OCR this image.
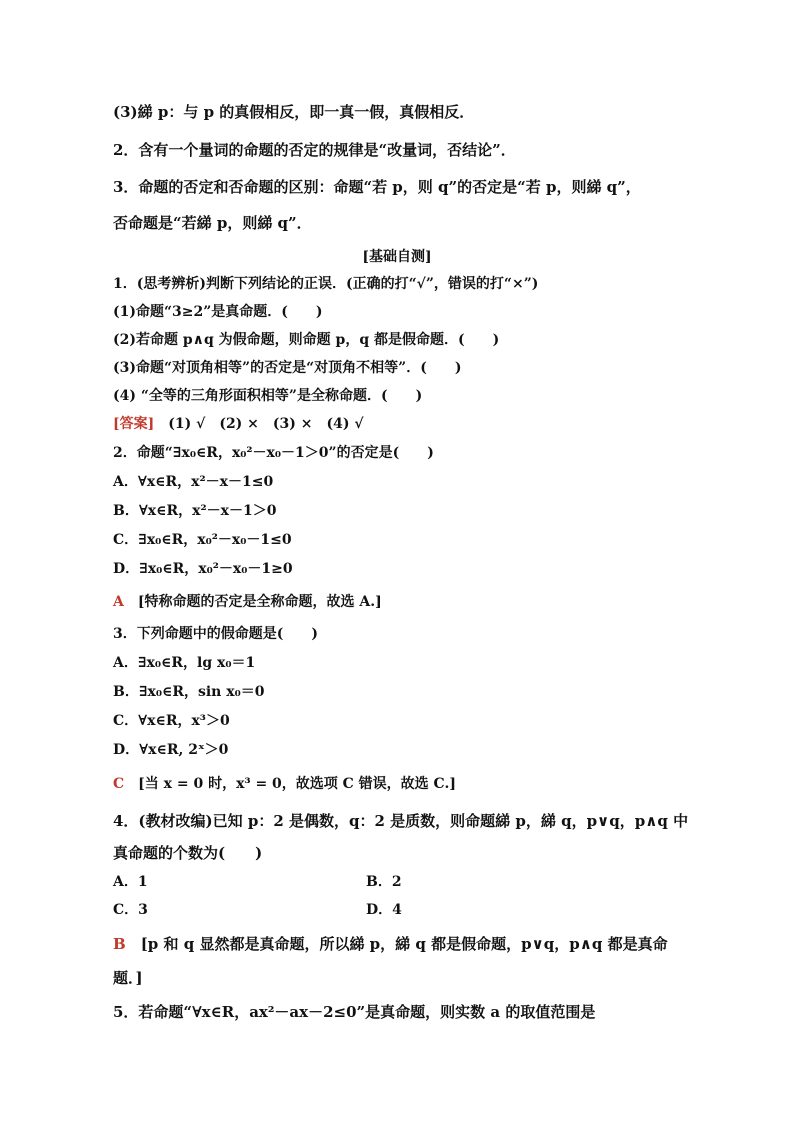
(3)綈 p：与 p 的真假相反，即一真一假，真假相反．
2．含有一个量词的命题的否定的规律是“改量词，否结论”．
3．命题的否定和否命题的区别：命题“若 p，则 q”的否定是“若 p，则綈 q”，
否命题是“若綈 p，则綈 q”．
[基础自测]
1．(思考辨析)判断下列结论的正误．(正确的打“√”，错误的打“×”)
(1)命题“3≥2”是真命题．(　　)
(2)若命题 p∧q 为假命题，则命题 p，q 都是假命题．(　　)
(3)命题“对顶角相等”的否定是“对顶角不相等”．(　　)
(4) “全等的三角形面积相等”是全称命题．(　　)
[答案]　 (1) √　(2) ×　(3) ×　(4) √
2．命题“∃x₀∈R，x₀²－x₀－1＞0”的否定是(　　)
A．∀x∈R，x²－x－1≤0
B．∀x∈R，x²－x－1＞0
C．∃x₀∈R，x₀²－x₀－1≤0
D．∃x₀∈R，x₀²－x₀－1≥0
A　 [特称命题的否定是全称命题，故选 A.]
3．下列命题中的假命题是(　　)
A．∃x₀∈R，lg x₀＝1
B．∃x₀∈R，sin x₀＝0
C．∀x∈R，x³＞0
D．∀x∈R, 2ˣ＞0
C　 [当 x = 0 时，x³ = 0，故选项 C 错误，故选 C.]
4．(教材改编)已知 p：2 是偶数，q：2 是质数，则命题綈 p，綈 q，p∨q，p∧q 中
真命题的个数为(　　)
A．1	B．2
C．3	D．4
B　 [p 和 q 显然都是真命题，所以綈 p，綈 q 都是假命题，p∨q，p∧q 都是真命
题．]
5．若命题“∀x∈R，ax²－ax－2≤0”是真命题，则实数 a 的取值范围是
